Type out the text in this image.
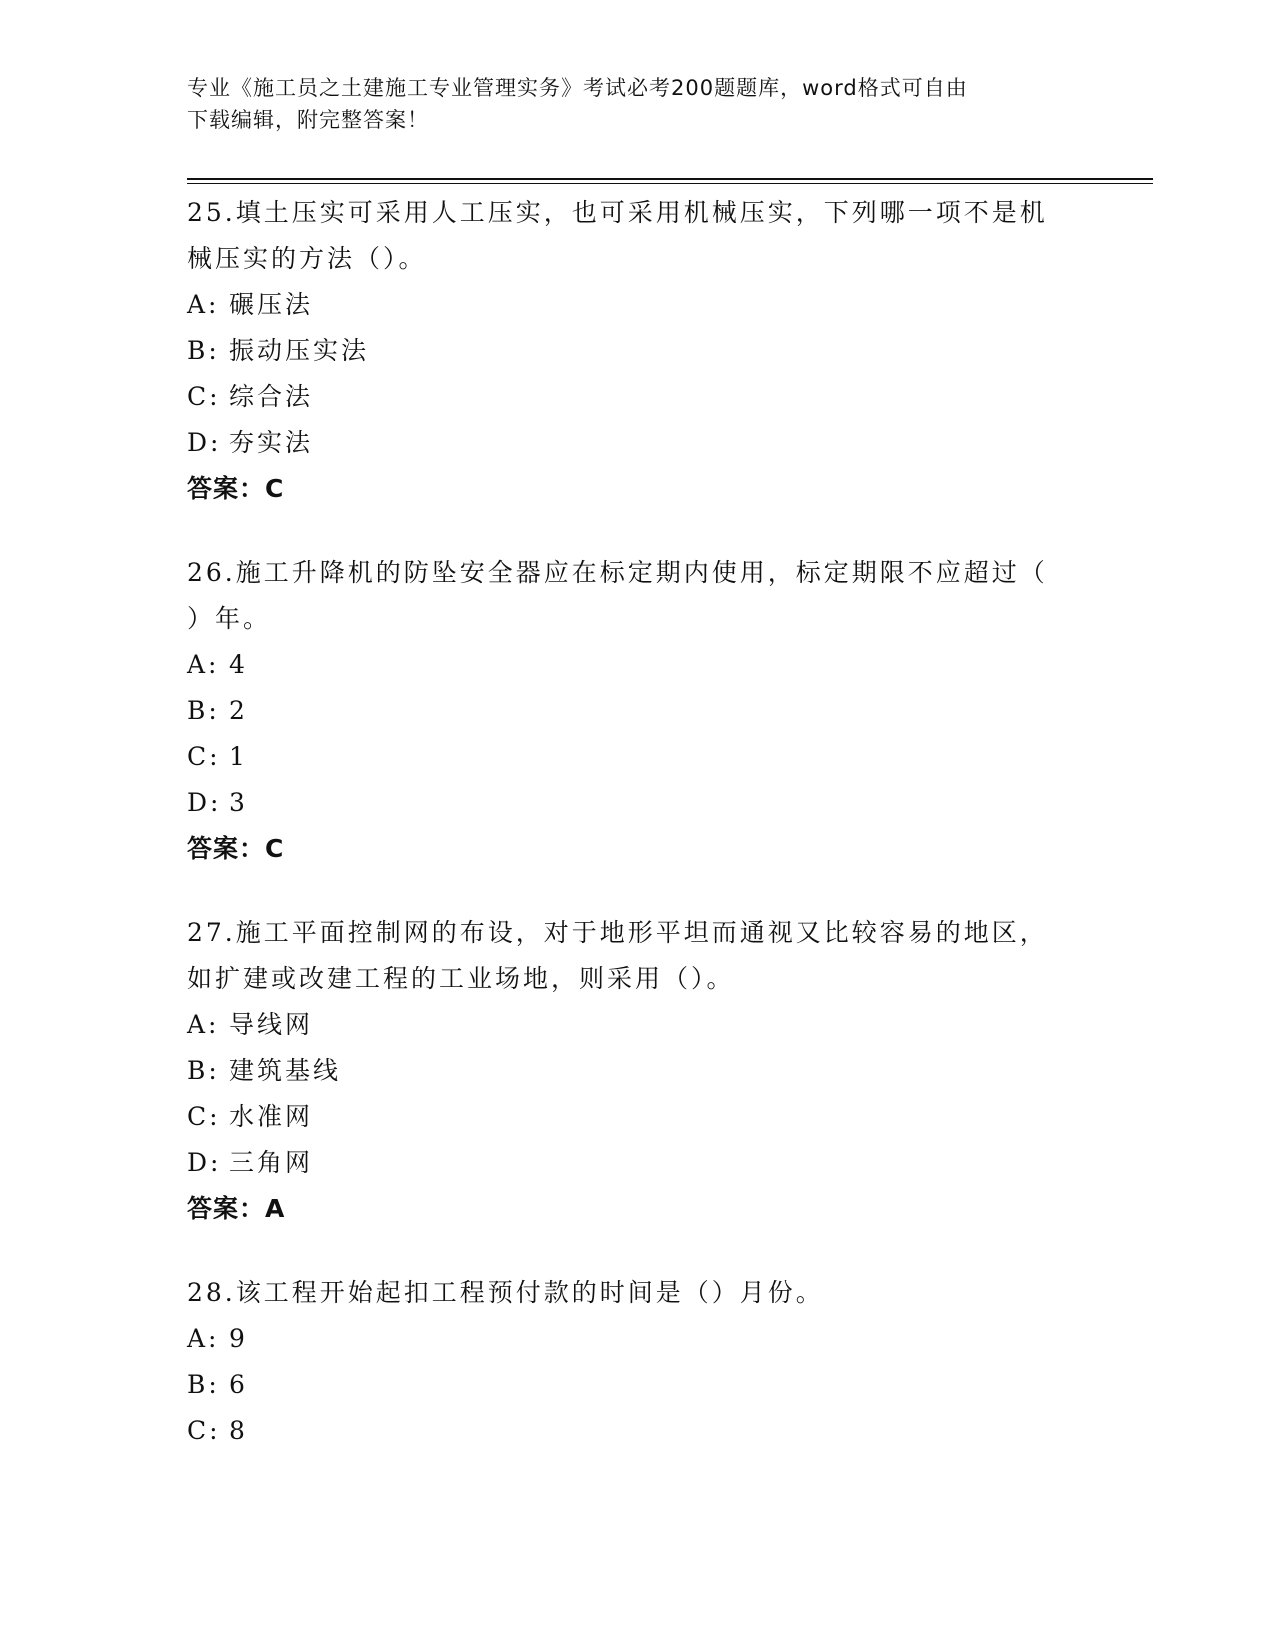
专业《施工员之土建施工专业管理实务》考试必考200题题库，word格式可自由
下载编辑，附完整答案！
25.填土压实可采用人工压实，也可采用机械压实，下列哪一项不是机
械压实的方法（）。
A: 碾压法
B: 振动压实法
C: 综合法
D: 夯实法
答案：C
26.施工升降机的防坠安全器应在标定期内使用，标定期限不应超过（
）年。
A: 4
B: 2
C: 1
D: 3
答案：C
27.施工平面控制网的布设，对于地形平坦而通视又比较容易的地区，
如扩建或改建工程的工业场地，则采用（）。
A: 导线网
B: 建筑基线
C: 水准网
D: 三角网
答案：A
28.该工程开始起扣工程预付款的时间是（）月份。
A: 9
B: 6
C: 8
